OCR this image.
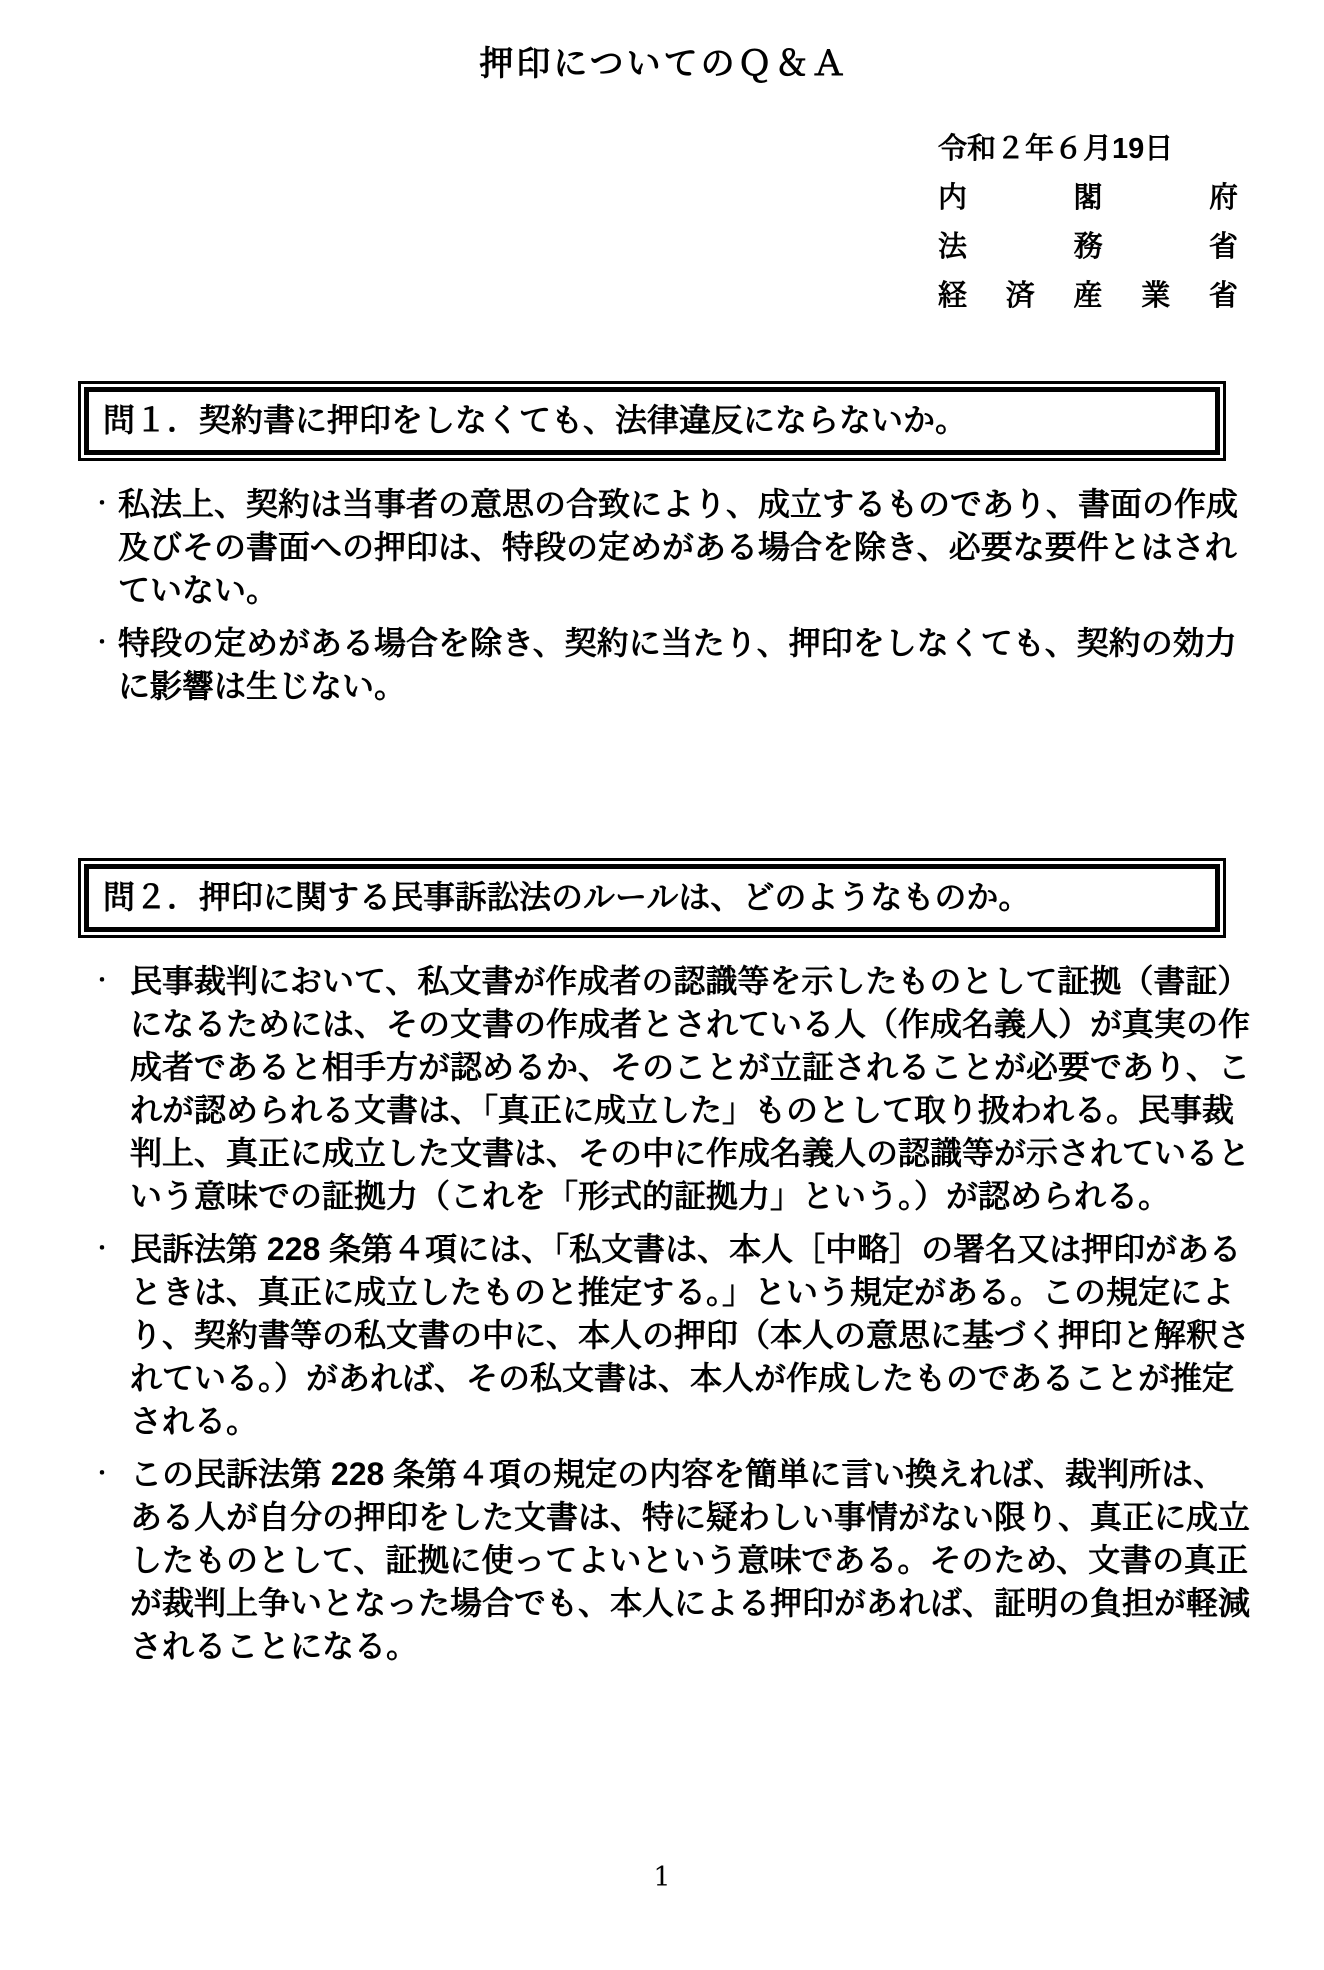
押印についてのＱ＆Ａ
令和２年６月19日
内閣府
法務省
経済産業省
問１．契約書に押印をしなくても、法律違反にならないか。
・ 私法上、契約は当事者の意思の合致により、成立するものであり、書面の作成及びその書面への押印は、特段の定めがある場合を除き、必要な要件とはされていない。
・ 特段の定めがある場合を除き、契約に当たり、押印をしなくても、契約の効力に影響は生じない。
問２．押印に関する民事訴訟法のルールは、どのようなものか。
・ 民事裁判において、私文書が作成者の認識等を示したものとして証拠（書証）になるためには、その文書の作成者とされている人（作成名義人）が真実の作成者であると相手方が認めるか、そのことが立証されることが必要であり、これが認められる文書は、「真正に成立した」ものとして取り扱われる。民事裁判上、真正に成立した文書は、その中に作成名義人の認識等が示されているという意味での証拠力（これを「形式的証拠力」という。）が認められる。
・ 民訴法第 228 条第４項には、「私文書は、本人［中略］の署名又は押印があるときは、真正に成立したものと推定する。」という規定がある。この規定により、契約書等の私文書の中に、本人の押印（本人の意思に基づく押印と解釈されている。）があれば、その私文書は、本人が作成したものであることが推定される。
・ この民訴法第 228 条第４項の規定の内容を簡単に言い換えれば、裁判所は、ある人が自分の押印をした文書は、特に疑わしい事情がない限り、真正に成立したものとして、証拠に使ってよいという意味である。そのため、文書の真正が裁判上争いとなった場合でも、本人による押印があれば、証明の負担が軽減されることになる。
1
